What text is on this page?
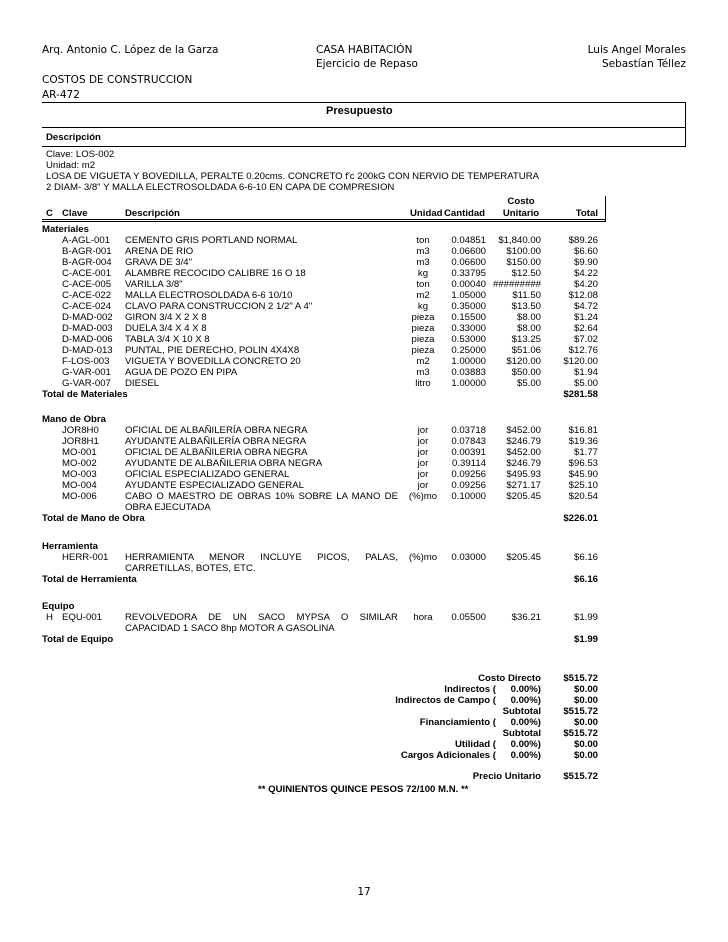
Arq. Antonio C. López de la Garza	CASA HABITACIÓN
Ejercicio de Repaso
Luis Angel Morales
Sebastían Téllez
COSTOS DE CONSTRUCCION
AR-472
Presupuesto
Descripción
Clave: LOS-002
Unidad: m2
LOSA DE VIGUETA Y BOVEDILLA, PERALTE 0.20cms. CONCRETO f'c 200kG CON NERVIO DE TEMPERATURA
2 DIAM- 3/8" Y MALLA ELECTROSOLDADA 6-6-10 EN CAPA DE COMPRESION
C Clave	Descripción	Unidad Cantidad
Costo
Unitario	Total
Materiales
A-AGL-001 CEMENTO GRIS PORTLAND NORMAL	ton	0.04851	$1,840.00	$89.26
B-AGR-001 ARENA DE RIO	m3	0.06600	$100.00	$6.60
B-AGR-004 GRAVA DE 3/4"	m3	0.06600	$150.00	$9.90
C-ACE-001 ALAMBRE RECOCIDO CALIBRE 16 O 18	kg	0.33795	$12.50	$4.22
C-ACE-005 VARILLA 3/8"	ton	0.00040 #########	$4.20
C-ACE-022 MALLA ELECTROSOLDADA 6-6 10/10	m2	1.05000	$11.50	$12.08
C-ACE-024 CLAVO PARA CONSTRUCCION 2 1/2" A 4"	kg	0.35000	$13.50	$4.72
D-MAD-002 GIRON 3/4 X 2 X 8	pieza	0.15500	$8.00	$1.24
D-MAD-003 DUELA 3/4 X 4 X 8	pieza	0.33000	$8.00	$2.64
D-MAD-006 TABLA 3/4 X 10 X 8	pieza	0.53000	$13.25	$7.02
D-MAD-013 PUNTAL, PIE DERECHO, POLIN 4X4X8	pieza	0.25000	$51.06	$12.76
F-LOS-003 VIGUETA Y BOVEDILLA CONCRETO 20	m2	1.00000	$120.00	$120.00
G-VAR-001 AGUA DE POZO EN PIPA	m3	0.03883	$50.00	$1.94
G-VAR-007 DIESEL	litro	1.00000	$5.00	$5.00
Total de Materiales	$281.58
Mano de Obra
JOR8H0	OFICIAL DE ALBAÑILERÍA OBRA NEGRA	jor	0.03718	$452.00	$16.81
JOR8H1	AYUDANTE ALBAÑILERÍA OBRA NEGRA	jor	0.07843	$246.79	$19.36
MO-001	OFICIAL DE ALBAÑILERIA OBRA NEGRA	jor	0.00391	$452.00	$1.77
MO-002	AYUDANTE DE ALBAÑILERIA OBRA NEGRA	jor	0.39114	$246.79	$96.53
MO-003	OFICIAL ESPECIALIZADO GENERAL	jor	0.09256	$495.93	$45.90
MO-004	AYUDANTE ESPECIALIZADO GENERAL	jor	0.09256	$271.17	$25.10
MO-006	CABO O MAESTRO DE OBRAS 10% SOBRE LA MANO DE
OBRA EJECUTADA
(%)mo	0.10000	$205.45	$20.54
Total de Mano de Obra	$226.01
Herramienta
HERR-001 HERRAMIENTA MENOR INCLUYE PICOS, PALAS,
CARRETILLAS, BOTES, ETC.
(%)mo	0.03000	$205.45	$6.16
Total de Herramienta	$6.16
Equipo
H EQU-001 REVOLVEDORA DE UN SACO MYPSA O SIMILAR
CAPACIDAD 1 SACO 8hp MOTOR A GASOLINA
hora	0.05500	$36.21	$1.99
Total de Equipo	$1.99
Costo Directo	$515.72
Indirectos (	0.00%)	$0.00
Indirectos de Campo (	0.00%)	$0.00
Subtotal	$515.72
Financiamiento (	0.00%)	$0.00
Subtotal	$515.72
Utilidad (	0.00%)	$0.00
Cargos Adicionales (	0.00%)	$0.00
Precio Unitario	$515.72
** QUINIENTOS QUINCE PESOS 72/100 M.N. **
17
